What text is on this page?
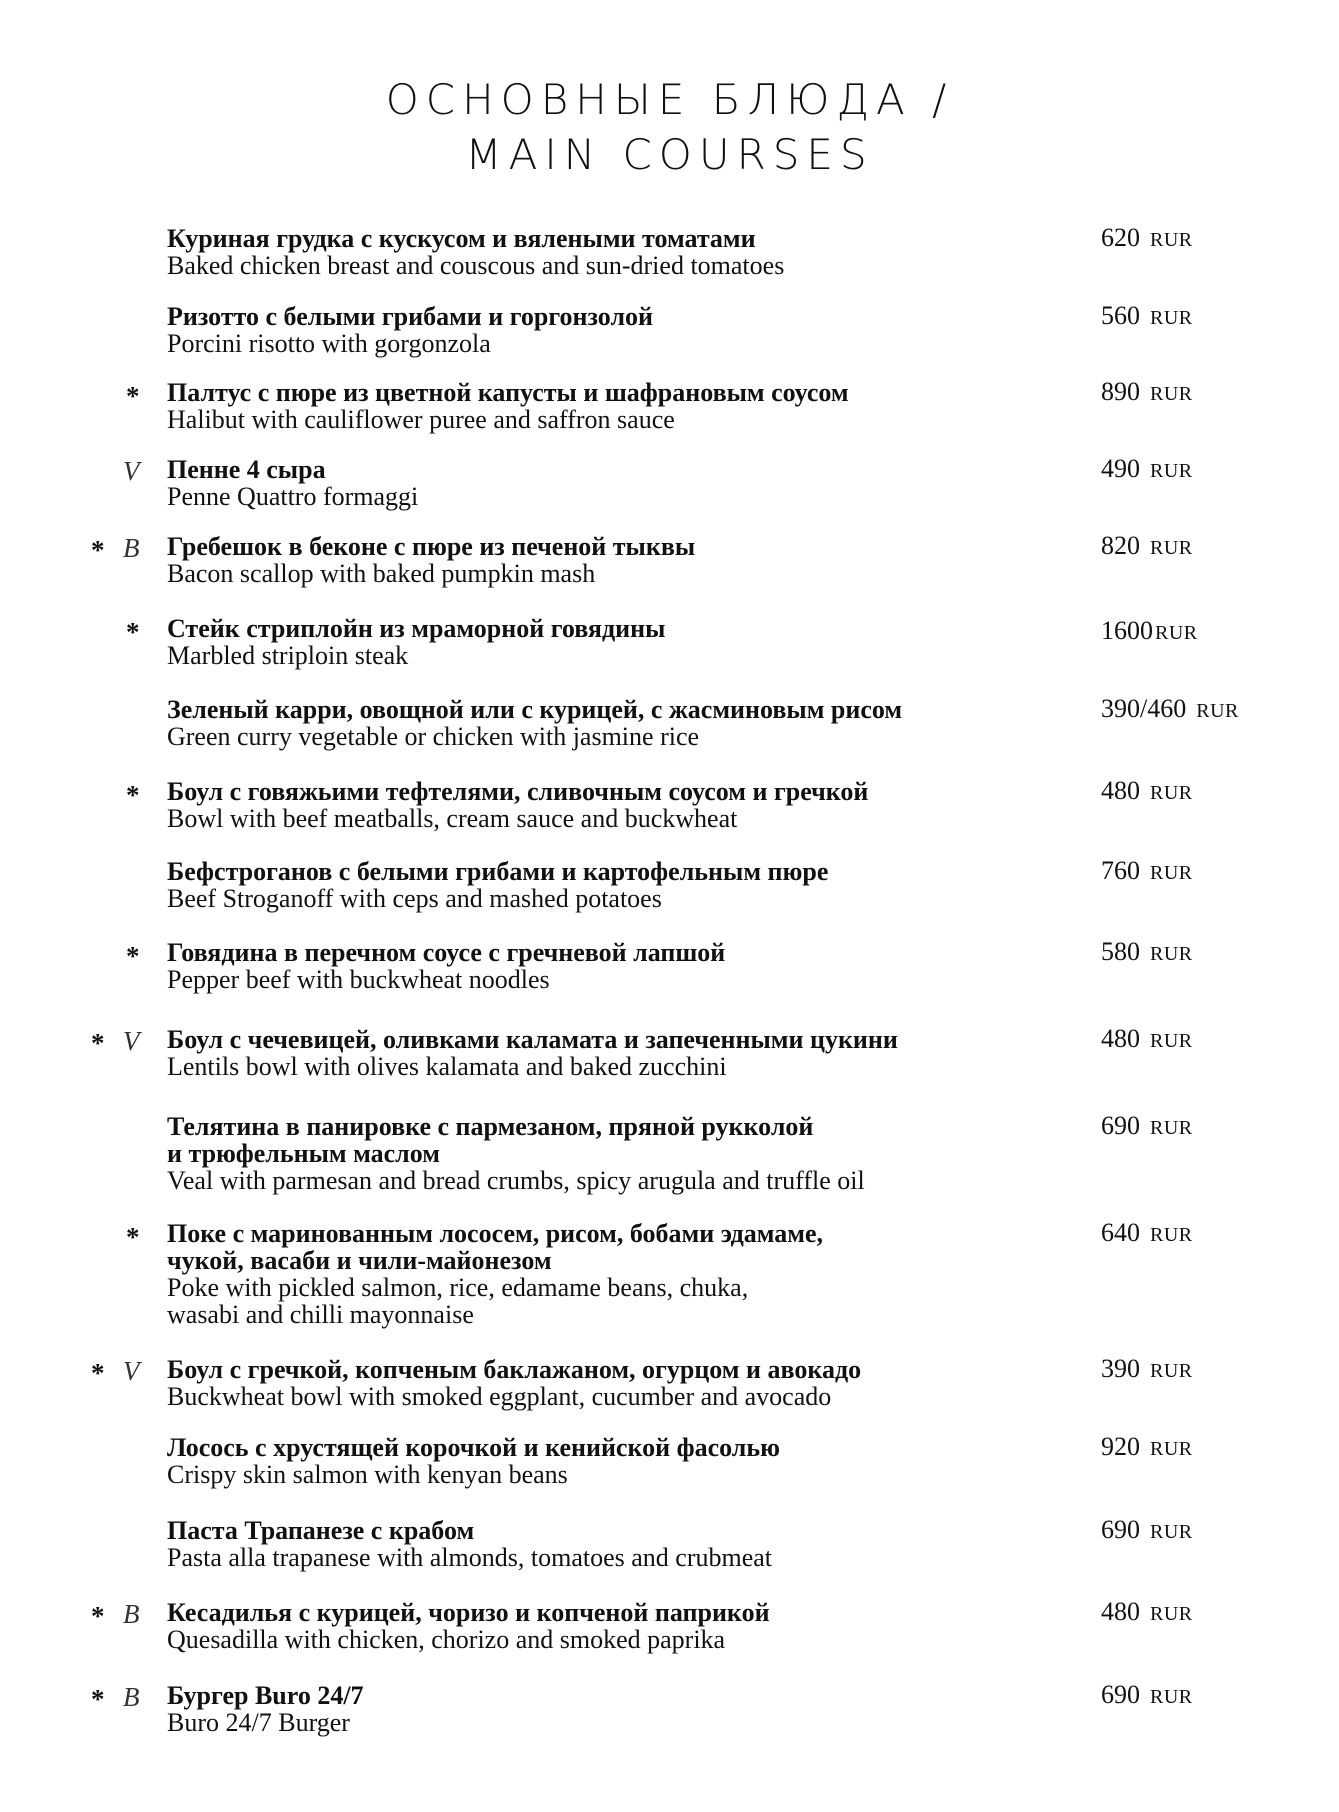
ОСНОВНЫЕ БЛЮДА /
MAIN COURSES
Куриная грудка с кускусом и вялеными томатами
Baked chicken breast and couscous and sun-dried tomatoes
620 RUR
Ризотто с белыми грибами и горгонзолой
Porcini risotto with gorgonzola
560 RUR
* Палтус с пюре из цветной капусты и шафрановым соусом
Halibut with cauliflower puree and saffron sauce
890 RUR
V Пенне 4 сыра
Penne Quattro formaggi
490 RUR
* B Гребешок в беконе с пюре из печеной тыквы
Bacon scallop with baked pumpkin mash
820 RUR
* Стейк стриплойн из мраморной говядины
Marbled striploin steak
1600 RUR
Зеленый карри, овощной или с курицей, с жасминовым рисом
Green curry vegetable or chicken with jasmine rice
390/460 RUR
* Боул с говяжьими тефтелями, сливочным соусом и гречкой
Bowl with beef meatballs, cream sauce and buckwheat
480 RUR
Бефстроганов с белыми грибами и картофельным пюре
Beef Stroganoff with ceps and mashed potatoes
760 RUR
* Говядина в перечном соусе с гречневой лапшой
Pepper beef with buckwheat noodles
580 RUR
* V Боул с чечевицей, оливками каламата и запеченными цукини
Lentils bowl with olives kalamata and baked zucchini
480 RUR
Телятина в панировке с пармезаном, пряной рукколой
и трюфельным маслом
Veal with parmesan and bread crumbs, spicy arugula and truffle oil
690 RUR
* Поке с маринованным лососем, рисом, бобами эдамаме,
чукой, васаби и чили-майонезом
Poke with pickled salmon, rice, edamame beans, chuka,
wasabi and chilli mayonnaise
640 RUR
* V Боул с гречкой, копченым баклажаном, огурцом и авокадо
Buckwheat bowl with smoked eggplant, cucumber and avocado
390 RUR
Лосось с хрустящей корочкой и кенийской фасолью
Crispy skin salmon with kenyan beans
920 RUR
Паста Трапанезе с крабом
Pasta alla trapanese with almonds, tomatoes and crubmeat
690 RUR
* B Кесадилья с курицей, чоризо и копченой паприкой
Quesadilla with chicken, chorizo and smoked paprika
480 RUR
* B Бургер Buro 24/7
Buro 24/7 Burger
690 RUR
